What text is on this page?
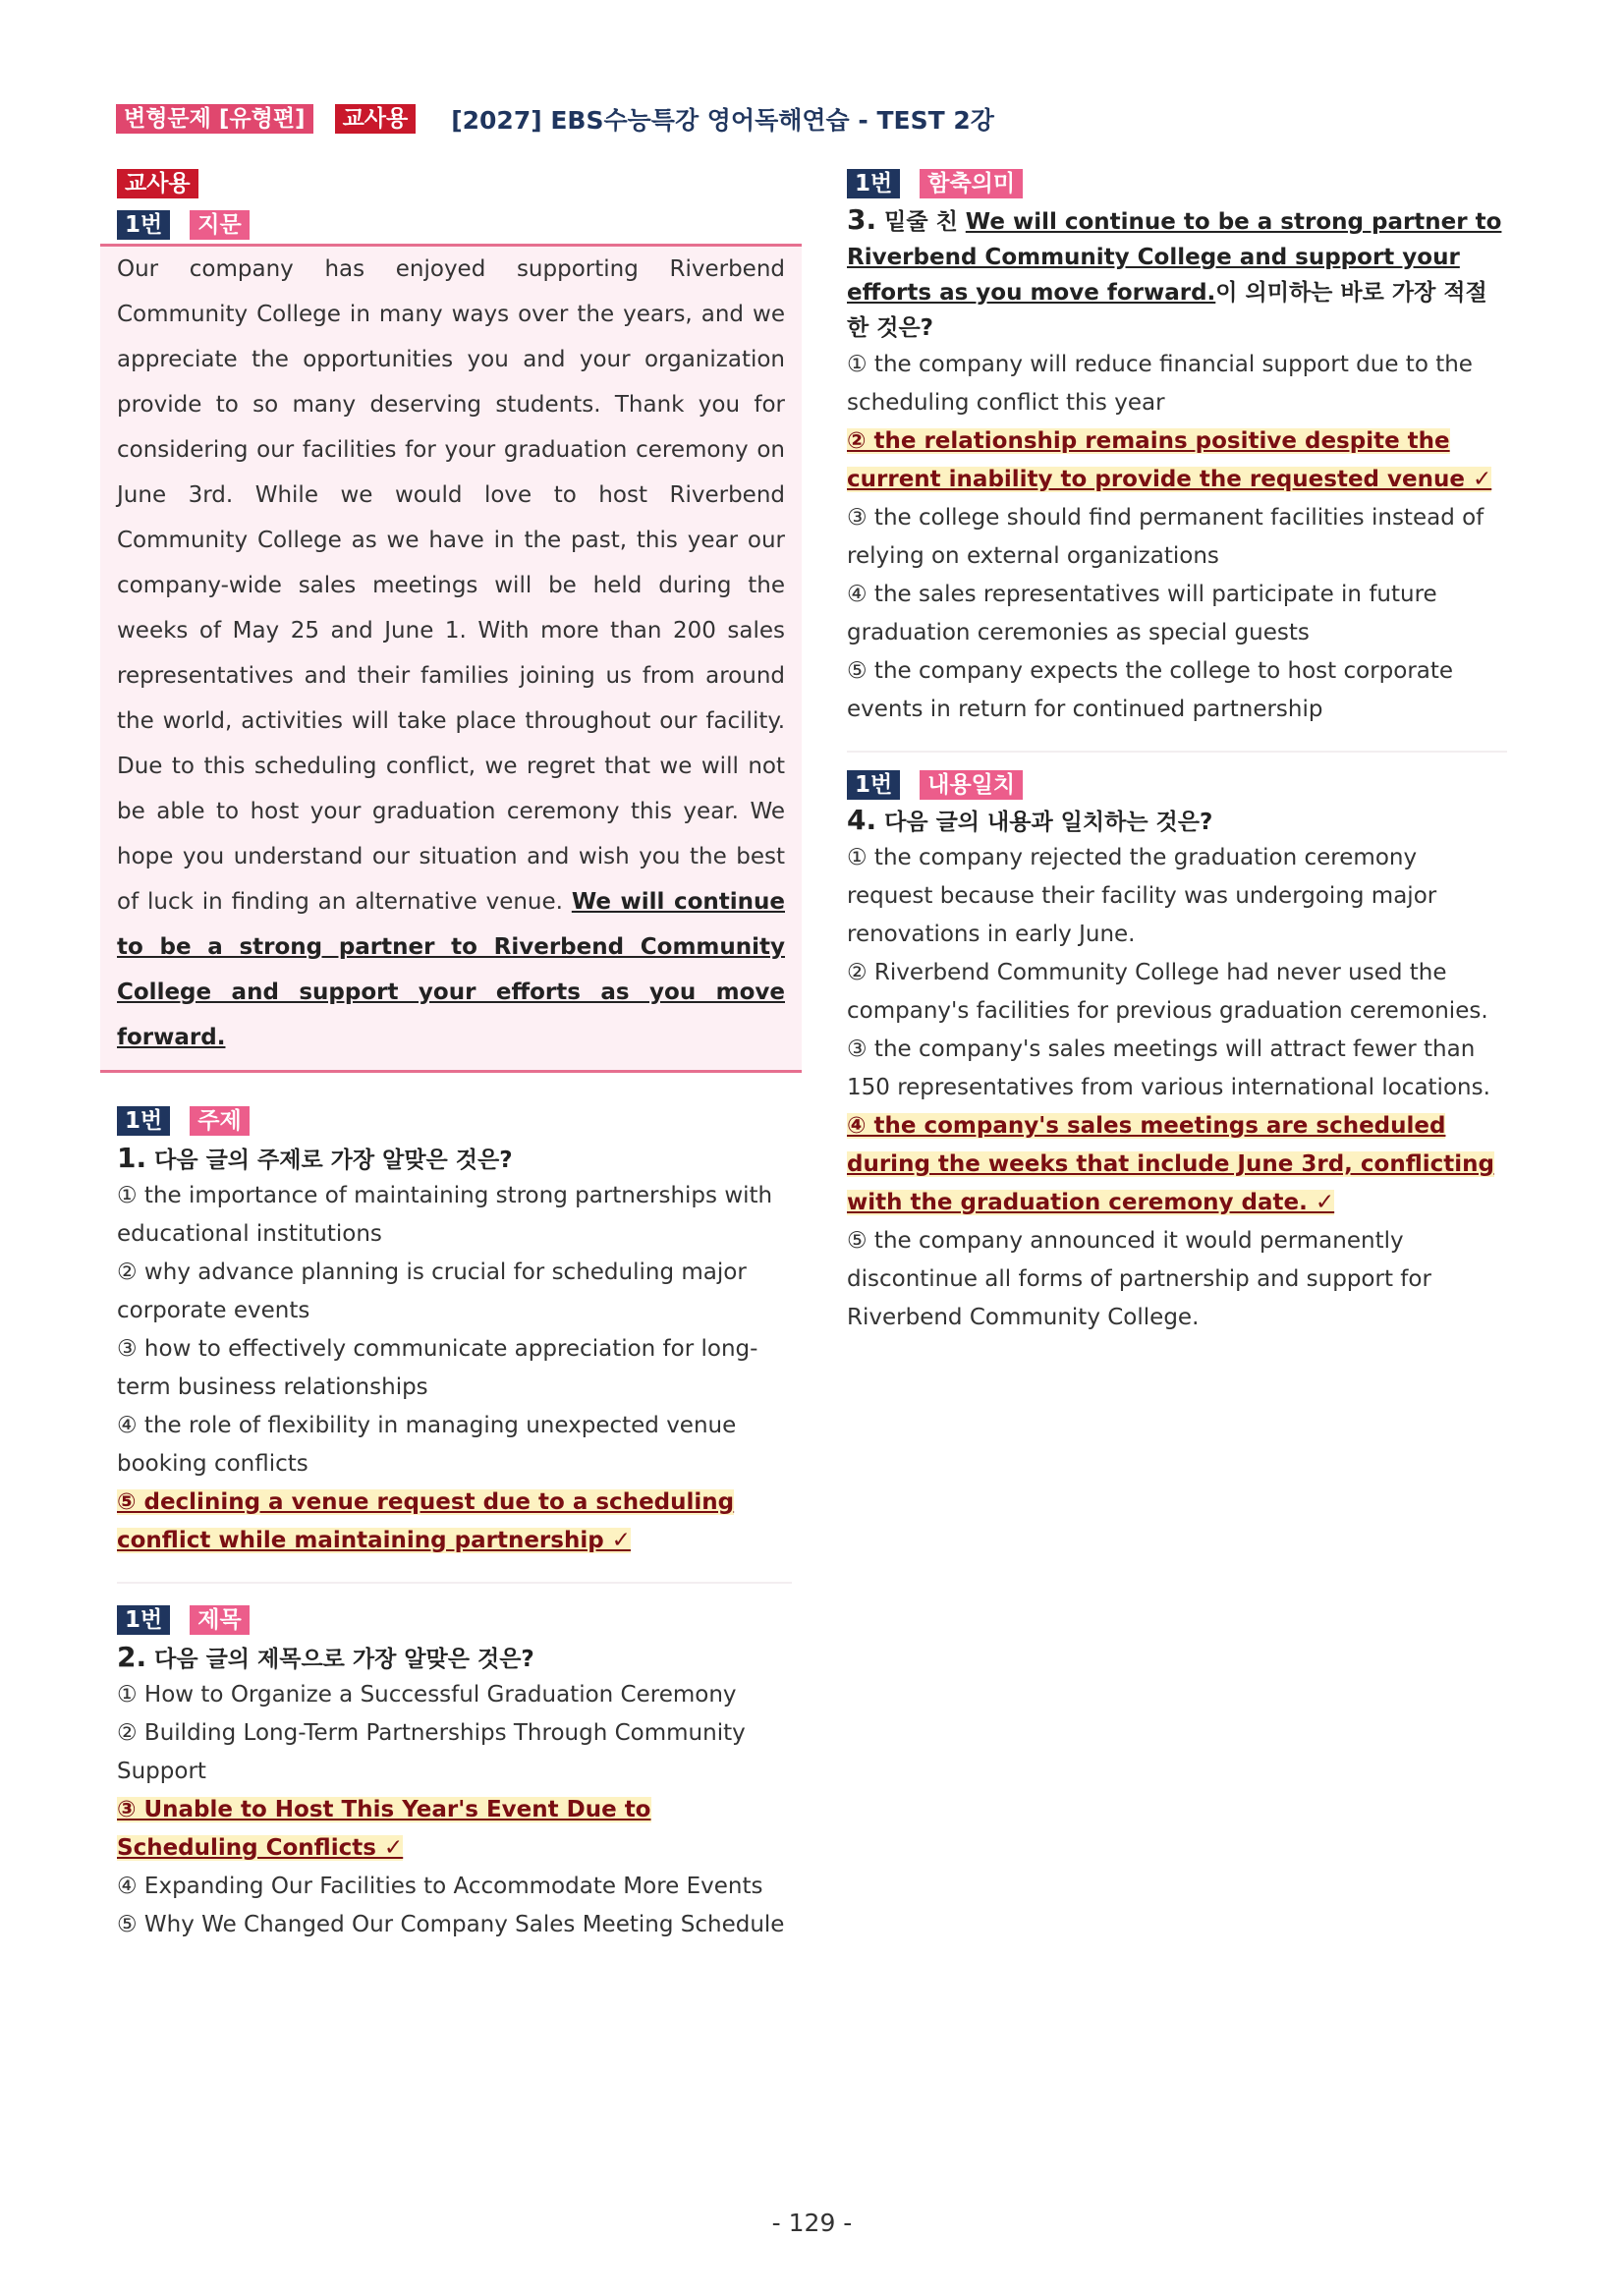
변형문제 [유형편]	교사용	[2027] EBS수능특강 영어독해연습 - TEST 2강
교사용
1번	지문

Our company has enjoyed supporting Riverbend Community College in many ways over the years, and we appreciate the opportunities you and your organization provide to so many deserving students. Thank you for considering our facilities for your graduation ceremony on June 3rd. While we would love to host Riverbend Community College as we have in the past, this year our company-wide sales meetings will be held during the weeks of May 25 and June 1. With more than 200 sales representatives and their families joining us from around the world, activities will take place throughout our facility. Due to this scheduling conflict, we regret that we will not be able to host your graduation ceremony this year. We hope you understand our situation and wish you the best of luck in finding an alternative venue. We will continue to be a strong partner to Riverbend Community College and support your efforts as you move forward.

1번	주제
1. 다음 글의 주제로 가장 알맞은 것은?
① the importance of maintaining strong partnerships with educational institutions
② why advance planning is crucial for scheduling major corporate events
③ how to effectively communicate appreciation for long-term business relationships
④ the role of flexibility in managing unexpected venue booking conflicts
⑤ declining a venue request due to a scheduling conflict while maintaining partnership ✓
1번	제목
2. 다음 글의 제목으로 가장 알맞은 것은?
① How to Organize a Successful Graduation Ceremony
② Building Long-Term Partnerships Through Community Support
③ Unable to Host This Year's Event Due to Scheduling Conflicts ✓
④ Expanding Our Facilities to Accommodate More Events
⑤ Why We Changed Our Company Sales Meeting Schedule
1번	함축의미
3. 밑줄 친 We will continue to be a strong partner to Riverbend Community College and support your efforts as you move forward.이 의미하는 바로 가장 적절한 것은?
① the company will reduce financial support due to the scheduling conflict this year
② the relationship remains positive despite the current inability to provide the requested venue ✓
③ the college should find permanent facilities instead of relying on external organizations
④ the sales representatives will participate in future graduation ceremonies as special guests
⑤ the company expects the college to host corporate events in return for continued partnership
1번	내용일치
4. 다음 글의 내용과 일치하는 것은?
① the company rejected the graduation ceremony request because their facility was undergoing major renovations in early June.
② Riverbend Community College had never used the company's facilities for previous graduation ceremonies.
③ the company's sales meetings will attract fewer than 150 representatives from various international locations.
④ the company's sales meetings are scheduled during the weeks that include June 3rd, conflicting with the graduation ceremony date. ✓
⑤ the company announced it would permanently discontinue all forms of partnership and support for Riverbend Community College.
- 129 -
